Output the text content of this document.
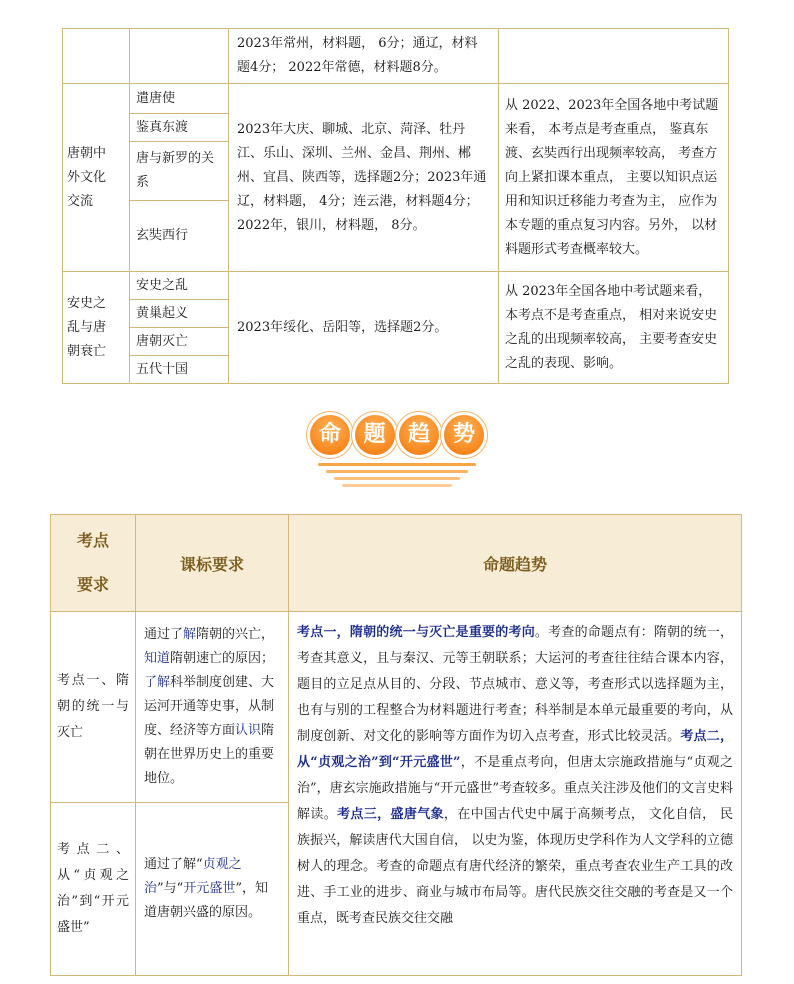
		2023年常州，材料题， 6分；通辽，材料题4分； 2022年常德，材料题8分。	

唐朝中
外文化
交流	遣唐使	2023年大庆、聊城、北京、菏泽、牡丹江、乐山、深圳、兰州、金昌、荆州、郴州、宜昌、陕西等，选择题2分；2023年通辽，材料题， 4分；连云港，材料题4分；2022年，银川，材料题， 8分。	从 2022、2023年全国各地中考试题来看， 本考点是考查重点， 鉴真东渡、玄奘西行出现频率较高， 考查方向上紧扣课本重点， 主要以知识点运用和知识迁移能力考查为主， 应作为本专题的重点复习内容。另外， 以材料题形式考查概率较大。
	鉴真东渡		
	唐与新罗的关系		
	玄奘西行		

安史之
乱与唐
朝衰亡	安史之乱	2023年绥化、岳阳等，选择题2分。	从 2023年全国各地中考试题来看，本考点不是考查重点， 相对来说安史之乱的出现频率较高， 主要考查安史之乱的表现、影响。
	黄巢起义		
	唐朝灭亡		
	五代十国		
命	题	趋	势
考点
要求	课标要求	命题趋势
考点一、隋朝的统一与灭亡	通过了解隋朝的兴亡，知道隋朝速亡的原因；了解科举制度创建、大运河开通等史事，从制度、经济等方面认识隋朝在世界历史上的重要地位。	考点一，隋朝的统一与灭亡是重要的考向。考查的命题点有：隋朝的统一，考查其意义，且与秦汉、元等王朝联系；大运河的考查往往结合课本内容，题目的立足点从目的、分段、节点城市、意义等，考查形式以选择题为主，也有与别的工程整合为材料题进行考查；科举制是本单元最重要的考向，从制度创新、对文化的影响等方面作为切入点考查，形式比较灵活。考点二，从“贞观之治”到“开元盛世”，不是重点考向，但唐太宗施政措施与“贞观之治”，唐玄宗施政措施与“开元盛世”考查较多。重点关注涉及他们的文言史料解读。考点三，盛唐气象，在中国古代史中属于高频考点， 文化自信， 民族振兴，解读唐代大国自信， 以史为鉴，体现历史学科作为人文学科的立德树人的理念。考查的命题点有唐代经济的繁荣，重点考查农业生产工具的改进、手工业的进步、商业与城市布局等。唐代民族交往交融的考查是又一个重点，既考查民族交往交融
考点二、从“贞观之治”到“开元盛世”	通过了解“贞观之治”与“开元盛世”，知道唐朝兴盛的原因。	
